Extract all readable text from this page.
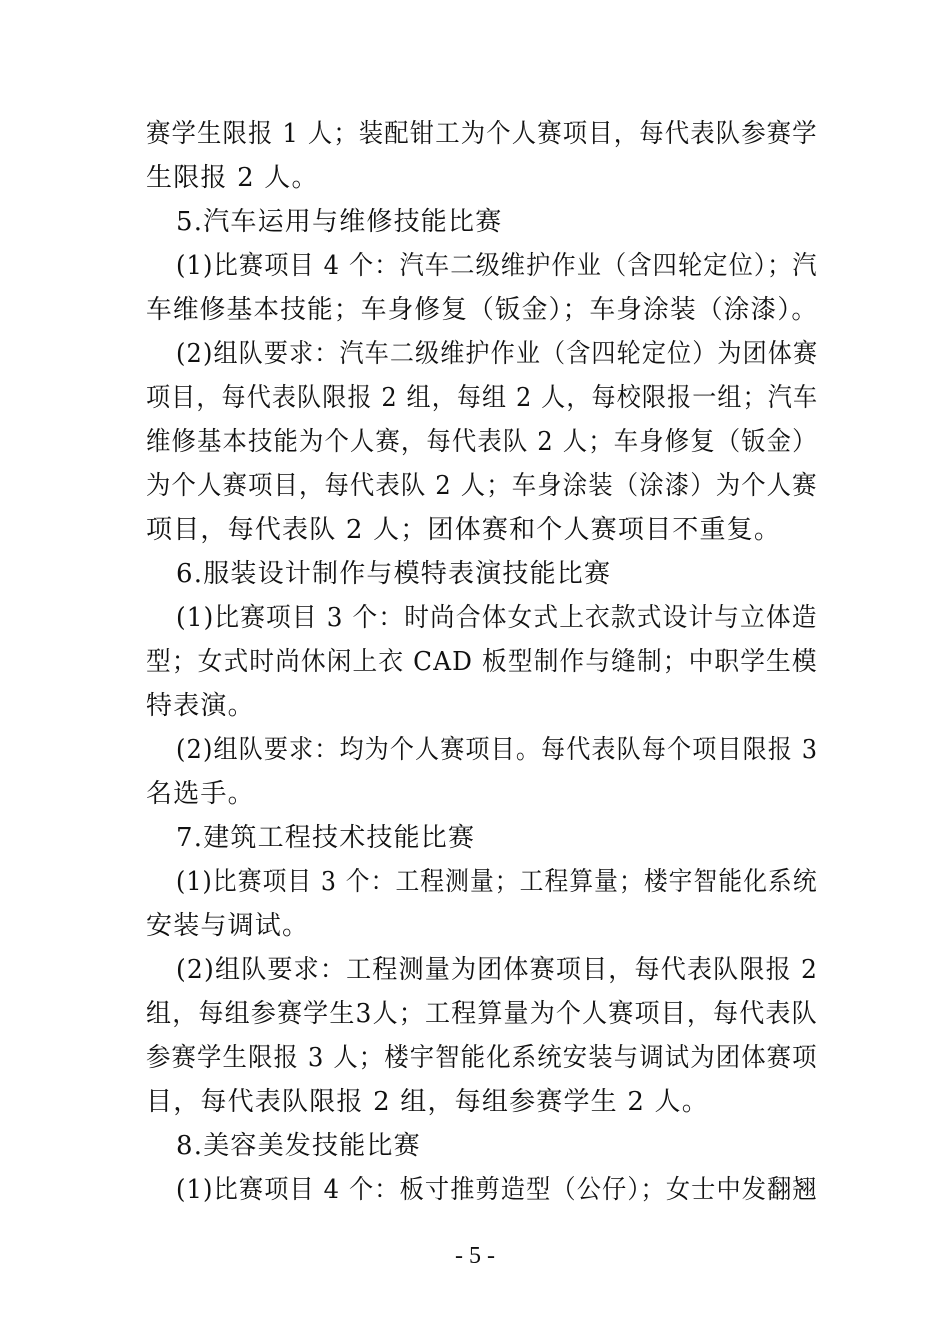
赛学生限报 1 人；装配钳工为个人赛项目，每代表队参赛学

生限报 2 人。

5.汽车运用与维修技能比赛

(1)比赛项目 4 个：汽车二级维护作业（含四轮定位）；汽

车维修基本技能；车身修复（钣金）；车身涂装（涂漆）。

(2)组队要求：汽车二级维护作业（含四轮定位）为团体赛

项目，每代表队限报 2 组，每组 2 人，每校限报一组；汽车

维修基本技能为个人赛，每代表队 2 人；车身修复（钣金）

为个人赛项目，每代表队 2 人；车身涂装（涂漆）为个人赛

项目，每代表队 2 人；团体赛和个人赛项目不重复。

6.服装设计制作与模特表演技能比赛

(1)比赛项目 3 个：时尚合体女式上衣款式设计与立体造

型；女式时尚休闲上衣 CAD 板型制作与缝制；中职学生模

特表演。

(2)组队要求：均为个人赛项目。每代表队每个项目限报 3

名选手。

7.建筑工程技术技能比赛

(1)比赛项目 3 个：工程测量；工程算量；楼宇智能化系统

安装与调试。

(2)组队要求：工程测量为团体赛项目，每代表队限报 2

组，每组参赛学生3人；工程算量为个人赛项目，每代表队

参赛学生限报 3 人；楼宇智能化系统安装与调试为团体赛项

目，每代表队限报 2 组，每组参赛学生 2 人。

8.美容美发技能比赛

(1)比赛项目 4 个：板寸推剪造型（公仔）；女士中发翻翘

- 5 -
